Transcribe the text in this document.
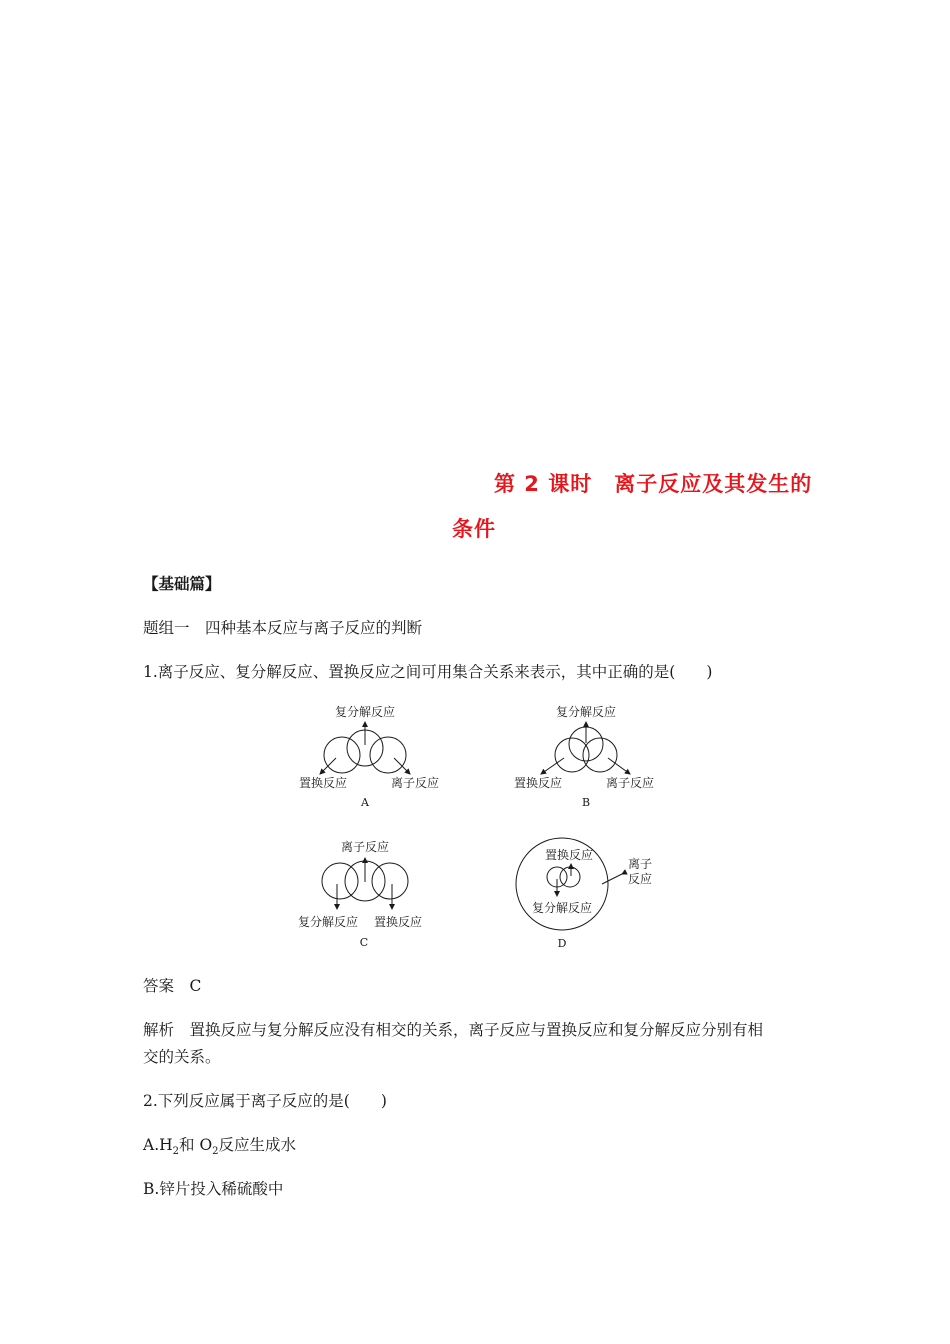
第 2 课时　离子反应及其发生的
条件
【基础篇】
题组一　四种基本反应与离子反应的判断
1.离子反应、复分解反应、置换反应之间可用集合关系来表示，其中正确的是(　　)
复分解反应
置换反应	离子反应
A
复分解反应
置换反应	离子反应
B
离子反应
复分解反应 置换反应
C
置换反应
复分解反应
离子
反应
D
答案　C
解析　置换反应与复分解反应没有相交的关系，离子反应与置换反应和复分解反应分别有相
交的关系。
2.下列反应属于离子反应的是(　　)
$A.H_2$和 $O_2$反应生成水
B.锌片投入稀硫酸中
